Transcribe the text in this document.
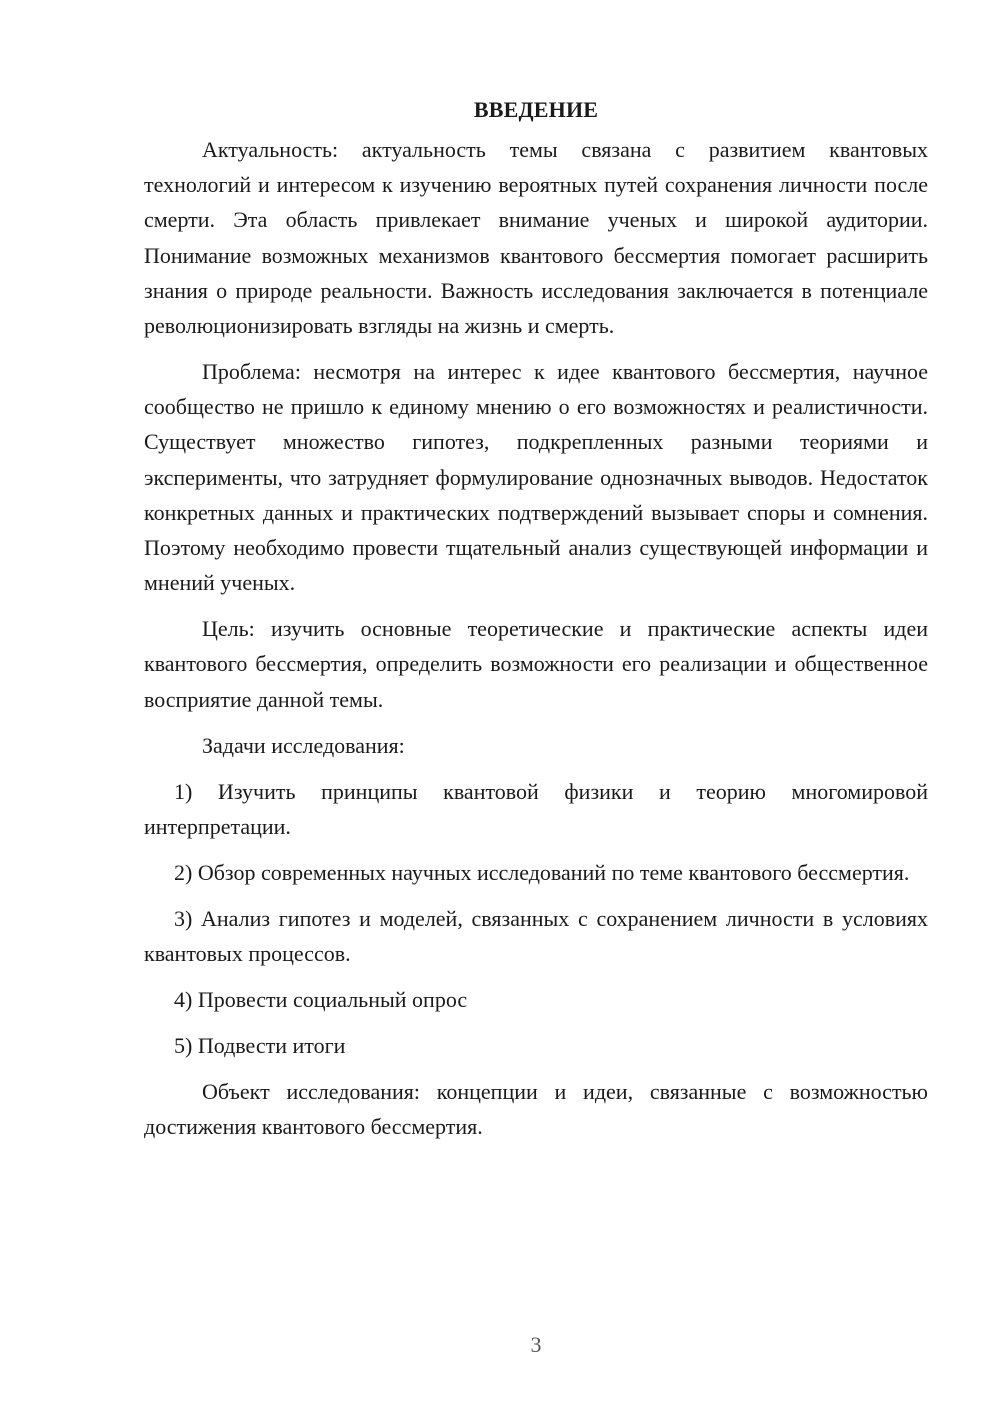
ВВЕДЕНИЕ

Актуальность: актуальность темы связана с развитием квантовых технологий и интересом к изучению вероятных путей сохранения личности после смерти. Эта область привлекает внимание ученых и широкой аудитории. Понимание возможных механизмов квантового бессмертия помогает расширить знания о природе реальности. Важность исследования заключается в потенциале революционизировать взгляды на жизнь и смерть.

Проблема: несмотря на интерес к идее квантового бессмертия, научное сообщество не пришло к единому мнению о его возможностях и реалистичности. Существует множество гипотез, подкрепленных разными теориями и эксперименты, что затрудняет формулирование однозначных выводов. Недостаток конкретных данных и практических подтверждений вызывает споры и сомнения. Поэтому необходимо провести тщательный анализ существующей информации и мнений ученых.

Цель: изучить основные теоретические и практические аспекты идеи квантового бессмертия, определить возможности его реализации и общественное восприятие данной темы.

Задачи исследования:

1) Изучить принципы квантовой физики и теорию многомировой интерпретации.

2) Обзор современных научных исследований по теме квантового бессмертия.

3) Анализ гипотез и моделей, связанных с сохранением личности в условиях квантовых процессов.

4) Провести социальный опрос

5) Подвести итоги

Объект исследования: концепции и идеи, связанные с возможностью достижения квантового бессмертия.

3
